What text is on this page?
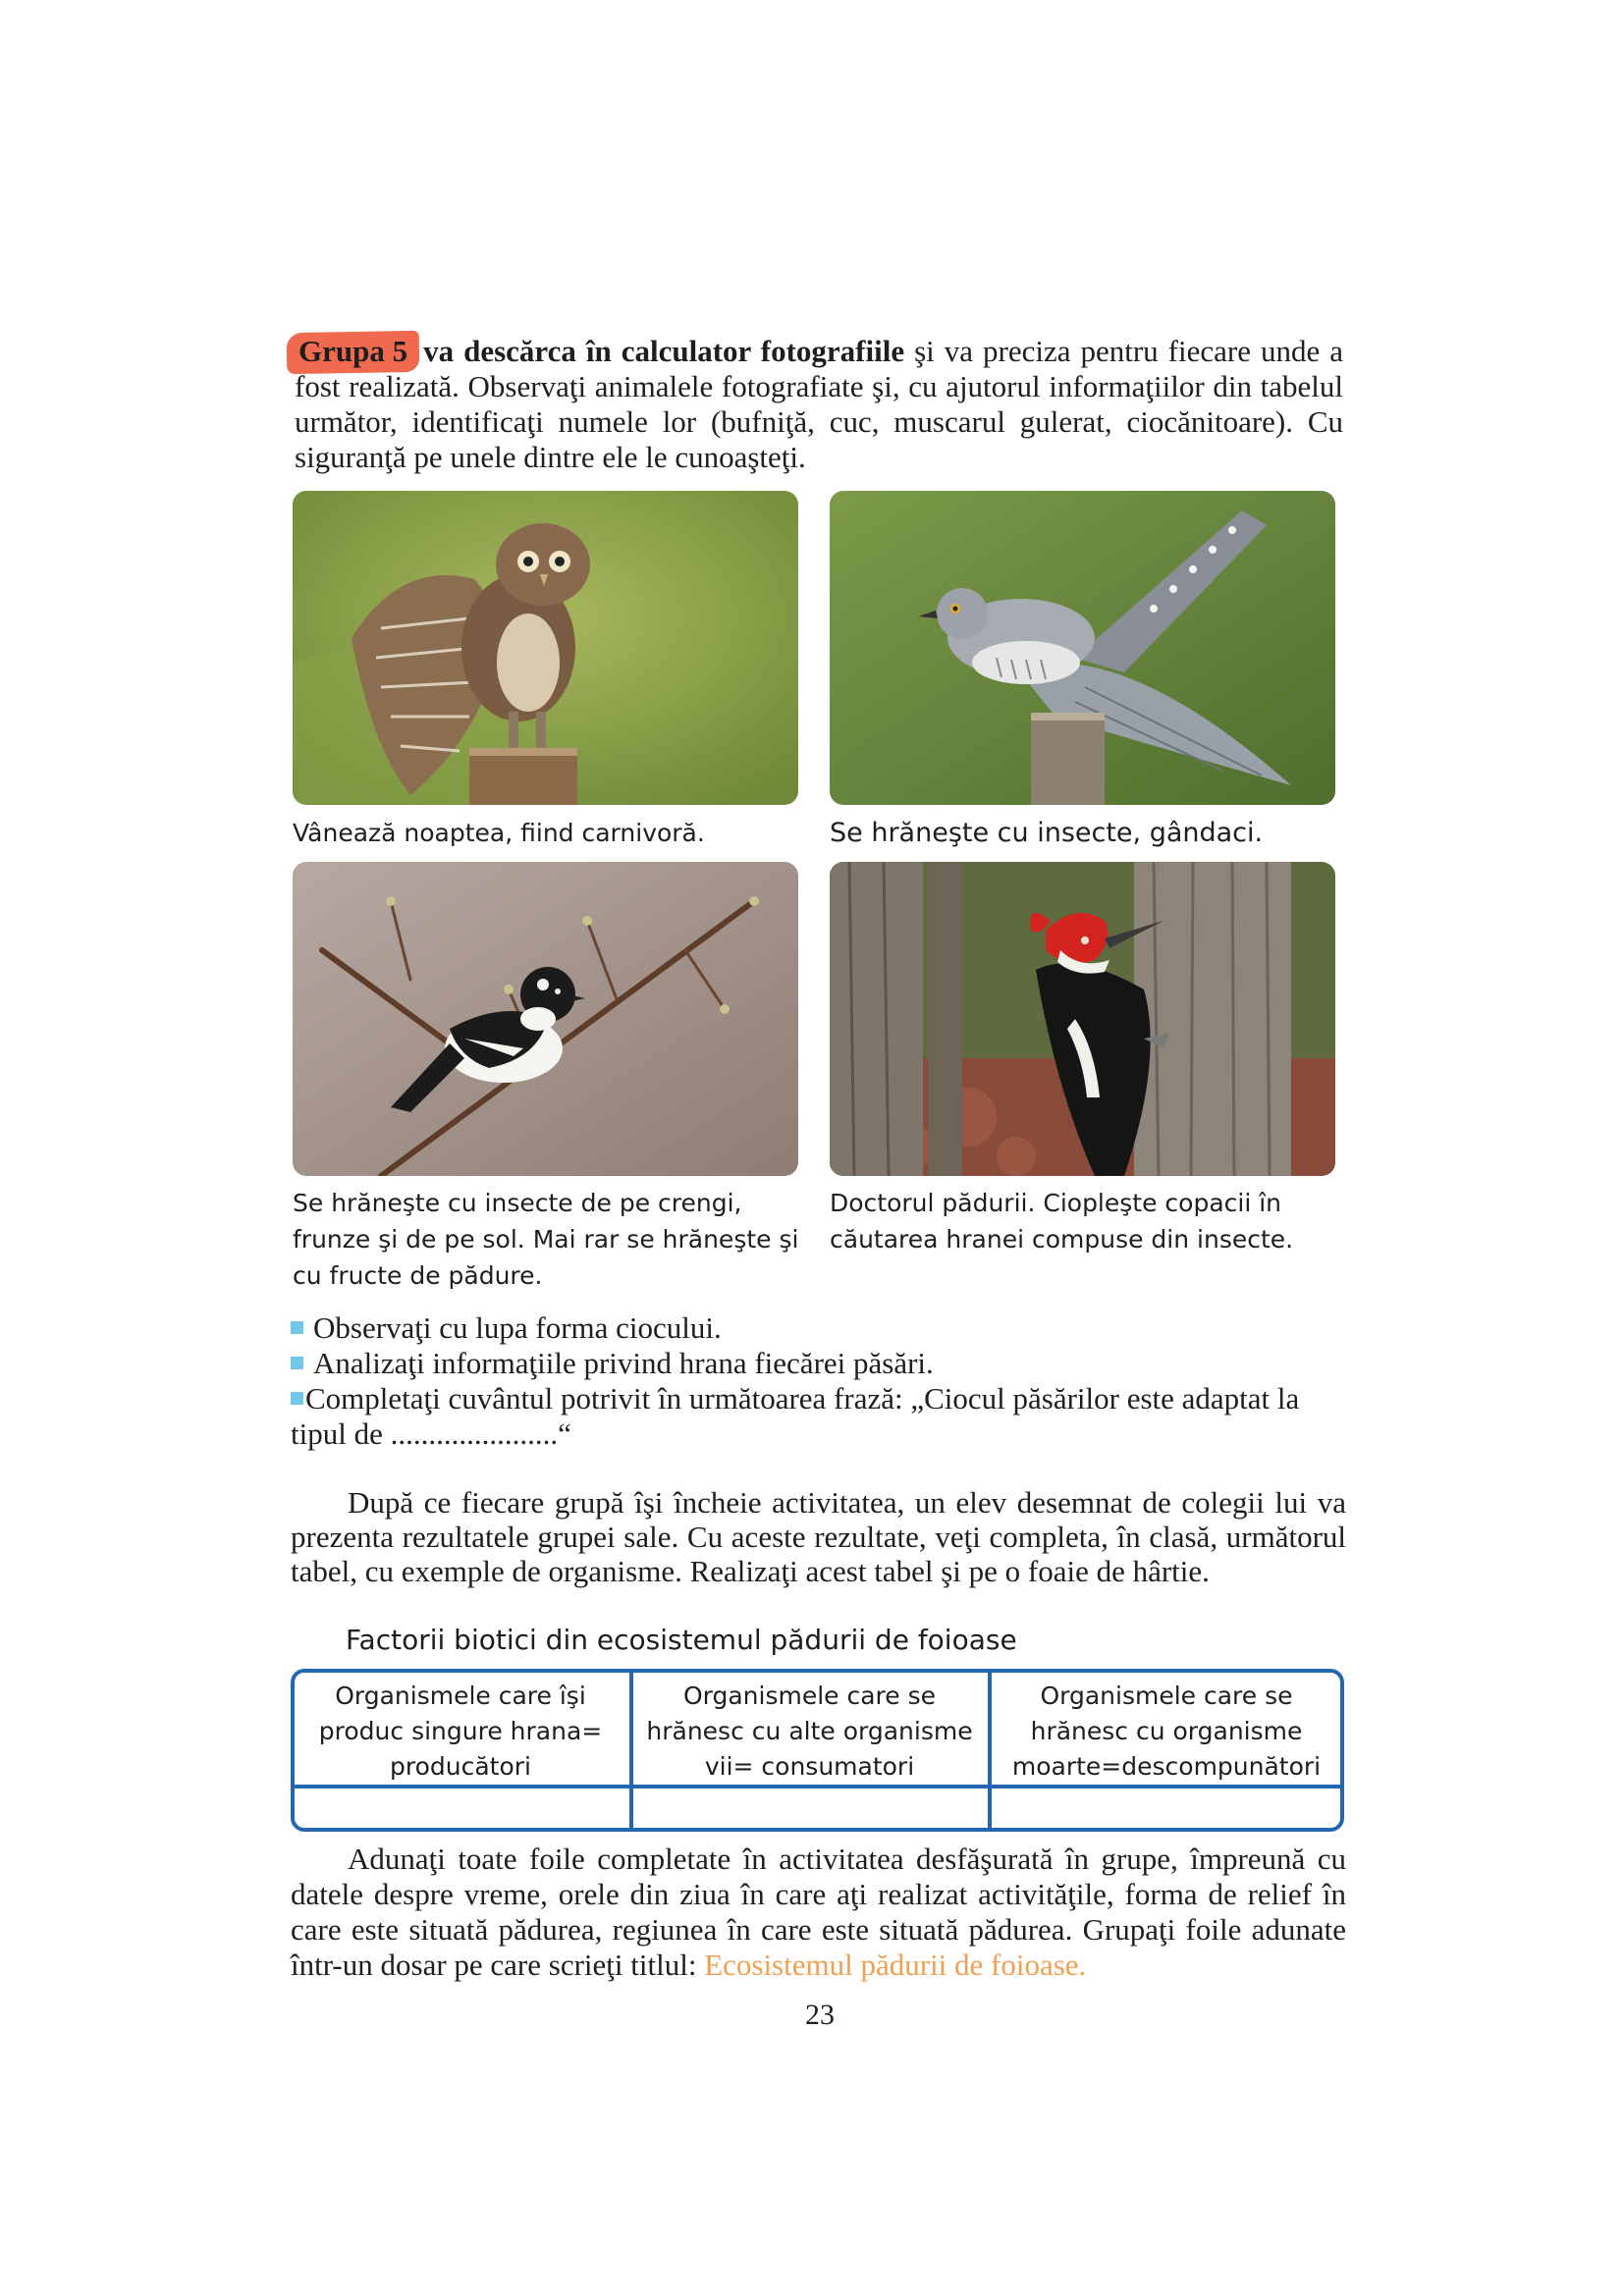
Grupa 5 va descărca în calculator fotografiile şi va preciza pentru fiecare unde a fost realizată. Observaţi animalele fotografiate şi, cu ajutorul informaţiilor din tabelul următor, identificaţi numele lor (bufniţă, cuc, muscarul gulerat, ciocănitoare). Cu siguranţă pe unele dintre ele le cunoaşteţi.

Vânează noaptea, fiind carnivoră.	Se hrăneşte cu insecte, gândaci.
Se hrăneşte cu insecte de pe crengi, frunze şi de pe sol. Mai rar se hrăneşte şi cu fructe de pădure.
Doctorul pădurii. Ciopleşte copacii în căutarea hranei compuse din insecte.
Observaţi cu lupa forma ciocului.
Analizaţi informaţiile privind hrana fiecărei păsări.
Completaţi cuvântul potrivit în următoarea frază: „Ciocul păsărilor este adaptat la tipul de ......................“

După ce fiecare grupă îşi încheie activitatea, un elev desemnat de colegii lui va prezenta rezultatele grupei sale. Cu aceste rezultate, veţi completa, în clasă, următorul tabel, cu exemple de organisme. Realizaţi acest tabel şi pe o foaie de hârtie.

Factorii biotici din ecosistemul pădurii de foioase
Organismele care îşi produc singure hrana= producători
Organismele care se hrănesc cu alte organisme vii= consumatori
Organismele care se hrănesc cu organisme moarte=descompunători

Adunaţi toate foile completate în activitatea desfăşurată în grupe, împreună cu datele despre vreme, orele din ziua în care aţi realizat activităţile, forma de relief în care este situată pădurea, regiunea în care este situată pădurea. Grupaţi foile adunate într-un dosar pe care scrieţi titlul: Ecosistemul pădurii de foioase.

23
